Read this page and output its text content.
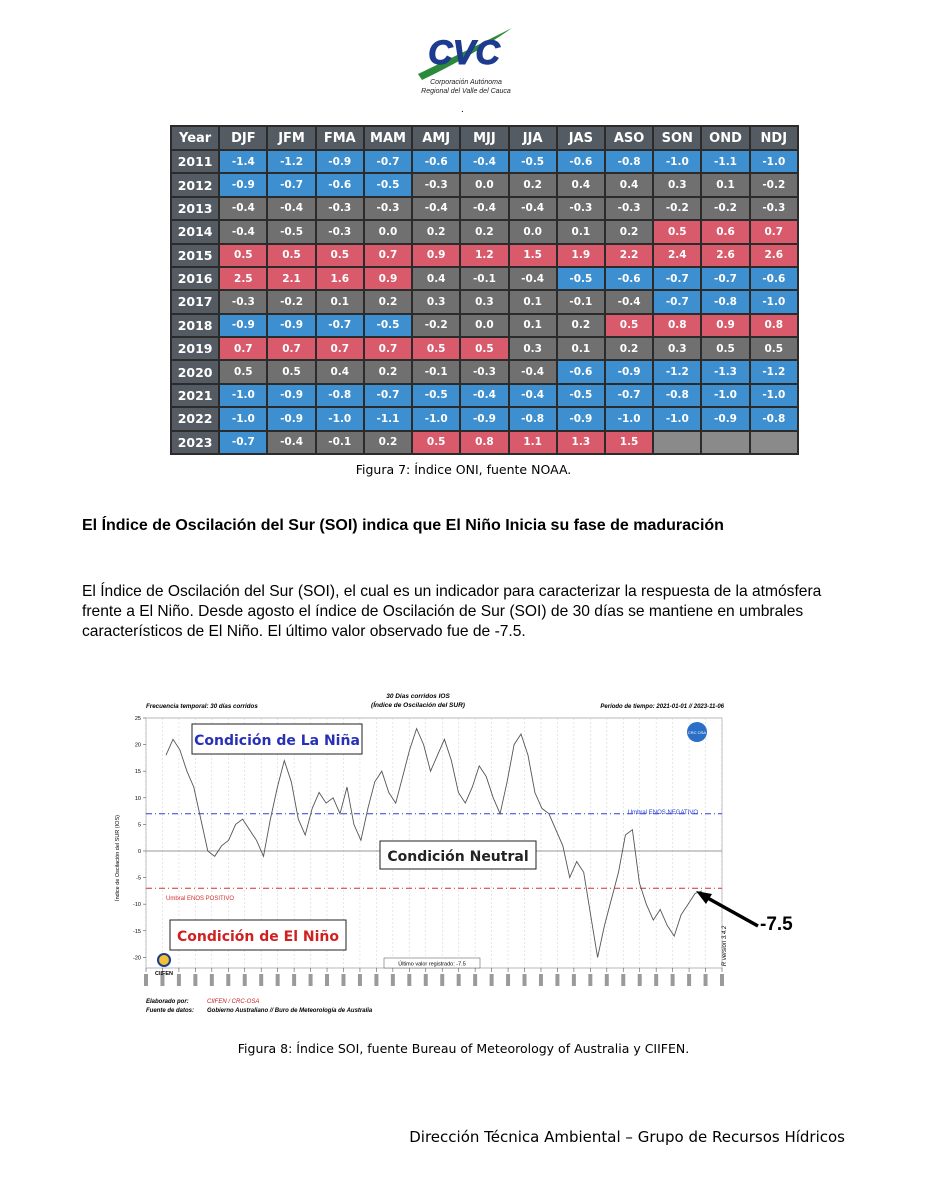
CVC
Corporación Autónoma
Regional del Valle del Cauca
.
Year	DJF	JFM	FMA	MAM	AMJ	MJJ	JJA	JAS	ASO	SON	OND	NDJ
2011	-1.4	-1.2	-0.9	-0.7	-0.6	-0.4	-0.5	-0.6	-0.8	-1.0	-1.1	-1.0
2012	-0.9	-0.7	-0.6	-0.5	-0.3	0.0	0.2	0.4	0.4	0.3	0.1	-0.2
2013	-0.4	-0.4	-0.3	-0.3	-0.4	-0.4	-0.4	-0.3	-0.3	-0.2	-0.2	-0.3
2014	-0.4	-0.5	-0.3	0.0	0.2	0.2	0.0	0.1	0.2	0.5	0.6	0.7
2015	0.5	0.5	0.5	0.7	0.9	1.2	1.5	1.9	2.2	2.4	2.6	2.6
2016	2.5	2.1	1.6	0.9	0.4	-0.1	-0.4	-0.5	-0.6	-0.7	-0.7	-0.6
2017	-0.3	-0.2	0.1	0.2	0.3	0.3	0.1	-0.1	-0.4	-0.7	-0.8	-1.0
2018	-0.9	-0.9	-0.7	-0.5	-0.2	0.0	0.1	0.2	0.5	0.8	0.9	0.8
2019	0.7	0.7	0.7	0.7	0.5	0.5	0.3	0.1	0.2	0.3	0.5	0.5
2020	0.5	0.5	0.4	0.2	-0.1	-0.3	-0.4	-0.6	-0.9	-1.2	-1.3	-1.2
2021	-1.0	-0.9	-0.8	-0.7	-0.5	-0.4	-0.4	-0.5	-0.7	-0.8	-1.0	-1.0
2022	-1.0	-0.9	-1.0	-1.1	-1.0	-0.9	-0.8	-0.9	-1.0	-1.0	-0.9	-0.8
2023	-0.7	-0.4	-0.1	0.2	0.5	0.8	1.1	1.3	1.5			
Figura 7: Índice ONI, fuente NOAA.
El Índice de Oscilación del Sur (SOI) indica que El Niño Inicia su fase de maduración
El Índice de Oscilación del Sur (SOI), el cual es un indicador para caracterizar la respuesta de la atmósfera frente a El Niño. Desde agosto el índice de Oscilación de Sur (SOI) de 30 días se mantiene en umbrales característicos de El Niño. El último valor observado fue de -7.5.
Frecuencia temporal: 30 días corridos
30 Días corridos IOS
(Índice de Oscilación del SUR)	Período de tiempo: 2021-01-01 // 2023-11-06
Índice de Oscilación del SUR (IOS)
25
20
15
10
5
0
-5
-10
-15
-20
Condición de La Niña
Condición Neutral
Condición de El Niño
Umbral ENOS NEGATIVO
Umbral ENOS POSITIVO
Último valor registrado: -7.5	R version 3.4.2
CRC OSA
CIIFEN
Elaborado por:	CIIFEN / CRC-OSA
Fuente de datos: Gobierno Australiano // Buro de Meteorología de Australia
-7.5
Figura 8: Índice SOI, fuente Bureau of Meteorology of Australia y CIIFEN.
Dirección Técnica Ambiental – Grupo de Recursos Hídricos
